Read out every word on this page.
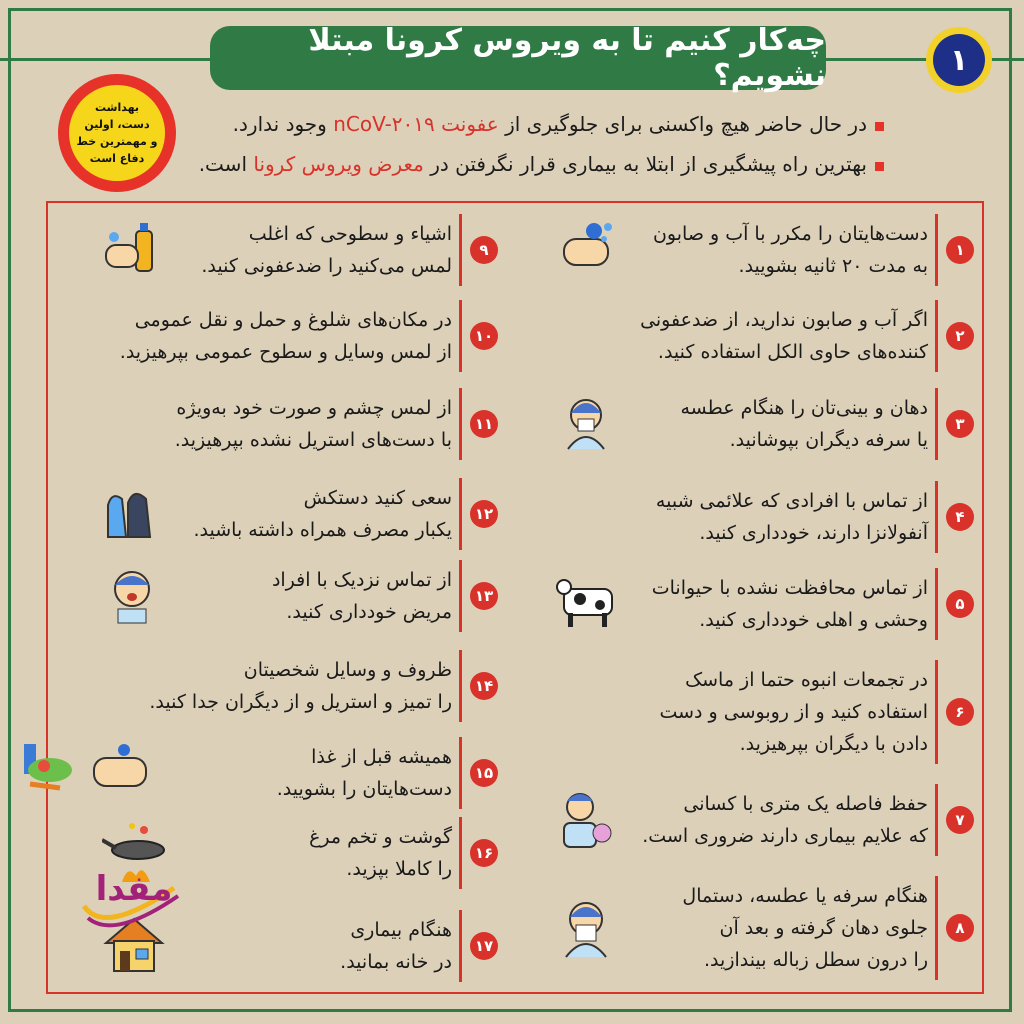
چه‌کار کنیم تا به ویروس کرونا مبتلا نشویم؟	۱
بهداشت
دست، اولین
و مهمترین خط
دفاع است
در حال حاضر هیچ واکسنی برای جلوگیری از عفونت nCoV-۲۰۱۹ وجود ندارد.
بهترین راه پیشگیری از ابتلا به بیماری قرار نگرفتن در معرض ویروس کرونا است.
۱
دست‌هایتان را مکرر با آب و صابون
به مدت ۲۰ ثانیه بشویید.
۲
اگر آب و صابون ندارید، از ضدعفونی
کننده‌های حاوی الکل استفاده کنید.
۳
دهان و بینی‌تان را هنگام عطسه
یا سرفه دیگران بپوشانید.
۴
از تماس با افرادی که علائمی شبیه
آنفولانزا دارند، خودداری کنید.
۵
از تماس محافظت نشده با حیوانات
وحشی و اهلی خودداری کنید.
۶
در تجمعات انبوه حتما از ماسک
استفاده کنید و از روبوسی و دست
دادن با دیگران بپرهیزید.
۷
حفظ فاصله یک متری با کسانی
که علایم بیماری دارند ضروری است.
۸
هنگام سرفه یا عطسه، دستمال
جلوی دهان گرفته و بعد آن
را درون سطل زباله بیندازید.
۹
اشیاء و سطوحی که اغلب
لمس می‌کنید را ضدعفونی کنید.
۱۰
در مکان‌های شلوغ و حمل و نقل عمومی
از لمس وسایل و سطوح عمومی بپرهیزید.
۱۱
از لمس چشم و صورت خود به‌ویژه
با دست‌های استریل نشده بپرهیزید.
۱۲
سعی کنید دستکش
یکبار مصرف همراه داشته باشید.
۱۳
از تماس نزدیک با افراد
مریض خودداری کنید.
۱۴
ظروف و وسایل شخصیتان
را تمیز و استریل و از دیگران جدا کنید.
۱۵
همیشه قبل از غذا
دست‌هایتان را بشویید.
۱۶
گوشت و تخم مرغ
را کاملا بپزید.
۱۷
هنگام بیماری
در خانه بمانید.
مفدا
